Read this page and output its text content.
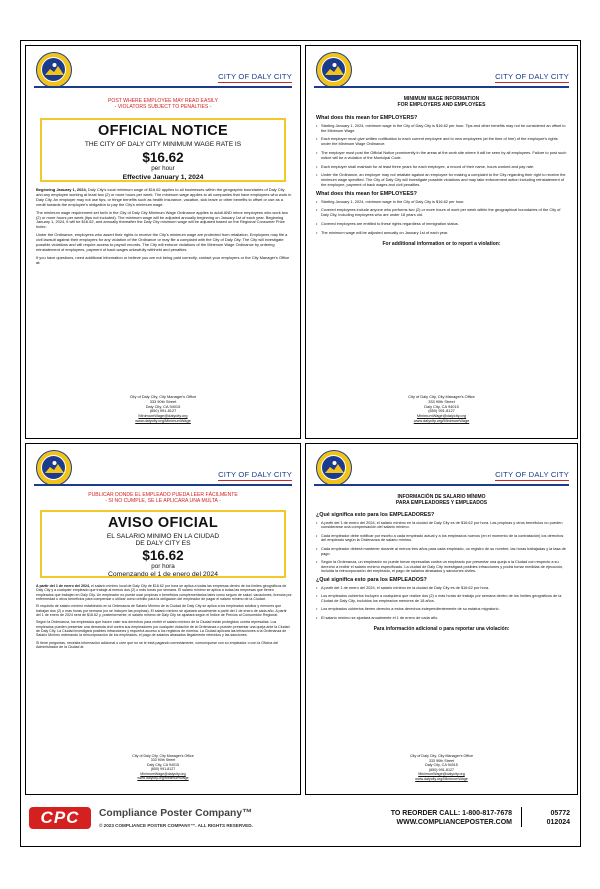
CITY OF DALY CITY
POST WHERE EMPLOYEE MAY READ EASILY
- VIOLATORS SUBJECT TO PENALTIES -
OFFICIAL NOTICE
THE CITY OF DALY CITY MINIMUM WAGE RATE IS
$16.62
per hour
Effective January 1, 2024

Beginning January 1, 2024, Daly City's local minimum wage of $16.62 applies to all businesses within the geographic boundaries of Daly City and any employee working at least two (2) or more hours per week. The minimum wage applies to all companies that have employees who work in Daly City. An employer may not use tips, or fringe benefits such as health insurance, vacation, sick leave or other benefits to offset or use as a credit towards the employee's obligation to pay the City's minimum wage.

The minimum wage requirement set forth in the City of Daly City Minimum Wage Ordinance applies to adult AND minor employees who work two (2) or more hours per week (tips not included). The minimum wage will be adjusted annually beginning on January 1st of each year. Beginning January 1, 2024, it will be $16.62, and annually thereafter the Daly City minimum wage will be adjusted based on the Regional Consumer Price Index.

Under the Ordinance, employees who assert their rights to receive the City's minimum wage are protected from retaliation. Employees may file a civil lawsuit against their employers for any violation of the Ordinance or may file a complaint with the City of Daly City. The City will investigate possible violations and will require access to payroll records. The City will enforce violations of the Minimum Wage Ordinance by ordering reinstatement of employees, payment of back wages unlawfully withheld and penalties.

If you have questions, need additional information or believe you are not being paid correctly, contact your employers or the City Manager's Office at:

City of Daly City, City Manager's Office
333 90th Street
Daly City, CA 94015
(650) 991-8127
MinimumWage@dalycity.org
www.dalycity.org/MinimumWage
CITY OF DALY CITY
MINIMUM WAGE INFORMATION
FOR EMPLOYERS AND EMPLOYEES
What does this mean for EMPLOYERS?
• Starting January 1, 2024, minimum wage in the City of Daly City is $16.62 per hour. Tips and other benefits may not be considered an offset to the Minimum Wage.
• Each employer must give written notification to each current employee and to new employees (at the time of hire) of the employee's rights under the Minimum Wage Ordinance.
• The employer must post the Official Notice prominently in the areas at the work site where it will be seen by all employees. Failure to post such notice will be a violation of the Municipal Code.
• Each employer shall maintain for at least three years for each employee, a record of their name, hours worked and pay rate.
• Under the Ordinance, an employer may not retaliate against an employee for making a complaint to the City regarding their right to receive the minimum wage specified. The City of Daly City will investigate possible violations and may take enforcement action including reinstatement of the employee, payment of back wages and civil penalties.
What does this mean for EMPLOYEES?
• Starting January 1, 2024, minimum wage in the City of Daly City is $16.62 per hour.
• Covered employees include anyone who performs two (2) or more hours of work per week within the geographical boundaries of the City of Daly City, including employees who are under 18 years old.
• Covered employees are entitled to these rights regardless of immigration status.
• The minimum wage will be adjusted annually on January 1st of each year.
For additional information or to report a violation:
City of Daly City, City Manager's Office
333 90th Street
Daly City, CA 94015
(650) 991-8127
MinimumWage@dalycity.org
www.dalycity.org/MinimumWage
CITY OF DALY CITY
PUBLICAR DONDE EL EMPLEADO PUEDA LEER FÁCILMENTE
- SI NO CUMPLE, SE LE APLICARA UNA MULTA -
AVISO OFICIAL
EL SALARIO MINIMO EN LA CIUDAD
DE DALY CITY ES
$16.62
por hora
Comenzando el 1 de enero del 2024

A partir del 1 de enero del 2024, el salario mínimo local de Daly City de $16.62 por hora se aplica a todas las empresas dentro de los límites geográficos de Daly City y a cualquier empleado que trabaje al menos dos (2) o más horas por semana. El salario mínimo se aplica a todas las empresas que tienen empleados que trabajen en Daly City. Un empleador no puede usar propinas o beneficios complementarios tales como seguro de salud, vacaciones, licencia por enfermedad u otros beneficios para compensar o utilizar como crédito para la obligación del empleador de pagar el salario mínimo de la Ciudad.

El requisito de salario mínimo establecido en la Ordenanza de Salario Mínimo de la Ciudad de Daly City se aplica a los empleados adultos y menores que trabajan dos (2) o más horas por semana (no se incluyen las propinas). El salario mínimo se ajustará anualmente a partir del 1 de enero de cada año. A partir del 1 de enero de 2024 será de $16.62 y, posteriormente, el salario mínimo de Daly City se ajustará según el Índice de Precios al Consumidor Regional.

Según la Ordenanza, los empleados que hacen valer sus derechos para recibir el salario mínimo de la Ciudad están protegidos contra represalias. Los empleados pueden presentar una demanda civil contra sus empleadores por cualquier violación de la Ordenanza o pueden presentar una queja ante la Ciudad de Daly City. La Ciudad investigará posibles infracciones y requerirá acceso a los registros de nómina. La Ciudad aplicará las infracciones a la Ordenanza de Salario Mínimo ordenando la reincorporación de los empleados, el pago de salarios atrasados ilegalmente retenidos y las sanciones.

Si tiene preguntas, necesita información adicional o cree que no se le está pagando correctamente, comuníquese con su empleador o con la Oficina del Administrador de la Ciudad al:

City of Daly City, City Manager's Office
333 90th Street
Daly City, CA 94015
(650) 991-8127
MinimumWage@dalycity.org
www.dalycity.org/MinimumWage
CITY OF DALY CITY
INFORMACIÓN DE SALARIO MÍNIMO
PARA EMPLEADORES Y EMPLEADOS
¿Qué significa esto para los EMPLEADORES?
• A partir del 1 de enero del 2024, el salario mínimo en la ciudad de Daly City es de $16.62 por hora. Las propinas y otros beneficios no pueden considerarse una compensación del salario mínimo.
• Cada empleador debe notificar por escrito a cada empleado actual y a los empleados nuevos (en el momento de la contratación) los derechos del empleado según la Ordenanza de salario mínimo.
• Cada empleador deberá mantener durante al menos tres años para cada empleado, un registro de su nombre, las horas trabajadas y la tasa de pago.
• Según la Ordenanza, un empleador no puede tomar represalias contra un empleado por presentar una queja a la Ciudad con respecto a su derecho a recibir el salario mínimo especificado. La ciudad de Daly City investigará posibles infracciones y podrá tomar medidas de ejecución, incluida la reincorporación del empleado, el pago de salarios atrasados y sanciones civiles.
¿Qué significa esto para los EMPLEADOS?
• A partir del 1 de enero del 2024, el salario mínimo en la ciudad de Daly City es de $16.62 por hora.
• Los empleados cubiertos incluyen a cualquiera que realice dos (2) o más horas de trabajo por semana dentro de los límites geográficos de la Ciudad de Daly City, incluidos los empleados menores de 18 años.
• Los empleados cubiertos tienen derecho a estos derechos independientemente de su estatus migratorio.
• El salario mínimo se ajustará anualmente el 1 de enero de cada año.
Para información adicional o para reportar una violación:
City of Daly City, City Manager's Office
333 90th Street
Daly City, CA 94015
(650) 991-8127
MinimumWage@dalycity.org
www.dalycity.org/MinimumWage
CPC	Compliance Poster Company™
© 2023 COMPLIANCE POSTER COMPANY™. ALL RIGHTS RESERVED.
TO REORDER CALL: 1-800-817-7678
WWW.COMPLIANCEPOSTER.COM
05772
012024
